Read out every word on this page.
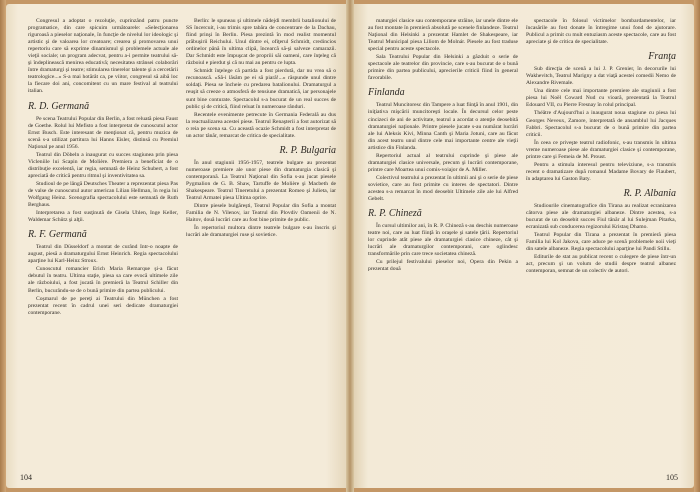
Congresul a adoptat o rezoluţie, cuprinzând patru puncte programatice, din care spicuim următoarele: «Selecţionarea riguroasă a pieselor naţionale, în funcţie de nivelul lor ideologic şi artistic şi de valoarea lor creatoare; crearea şi promovarea unui repertoriu care să exprime dinamismul şi problemele actuale ale vieţii sociale; un program adecvat, pentru a-i permite teatrului să-şi îndeplinească menirea educativă; necesitatea strânsei colaborări între dramaturgi şi teatre; stimularea tinerelor talente şi a cercetării teatrologice...» S-a mai hotărât ca, pe viitor, congresul să aibă loc la fiecare doi ani, concomitent cu un mare festival al teatrului italian.

R. D. Germană

Pe scena Teatrului Popular din Berlin, a fost reluată piesa Faust de Goethe. Rolul lui Mefisto a fost interpretat de cunoscutul actor Ernst Busch. Este interesant de menţionat că, pentru muzica de scenă s-a utilizat partitura lui Hanns Eisler, distinsă cu Premiul Naţional pe anul 1956.

Teatrul din Döbeln a inaugurat cu succes stagiunea prin piesa Vicleniile lui Scapin de Molière. Premiera a beneficiat de o distribuţie excelentă, iar regia, semnată de Heinz Schubert, a fost apreciată de critică pentru ritmul şi inventivitatea sa.

Studioul de pe lângă Deutsches Theater a reprezentat piesa Pas de valse de cunoscutul autor american Lilian Hellman, în regia lui Wolfgang Heinz. Scenografia spectacolului este semnată de Ruth Berghaus.

Interpretarea a fost susţinută de Gisela Uhlen, Inge Keller, Waldemar Schütz şi alţii.

R. F. Germană

Teatrul din Düsseldorf a montat de curând Intr-o noapte de august, piesă a dramaturgului Ernst Heinrich. Regia spectacolului aparţine lui Karl-Heinz Stroux.

Cunoscutul romancier Erich Maria Remarque şi-a făcut debutul în teatru. Ultima staţie, piesa sa care evocă ultimele zile ale războiului, a fost jucată în premieră la Teatrul Schiller din Berlin, bucurându-se de o bună primire din partea publicului.

Coşmarul de pe pereţi ai Teatrului din München a fost prezentat recent în cadrul unei seri dedicate dramaturgiei contemporane.

Berlin: le spuneau şi ultimele nădejdi membrii batalionului de SS încercuit, i-au trimis spre tabăra de concentrare de la Dachau, fiind prinşi în Berlin. Piesa prezintă în mod realist momentul prăbuşirii Reichului. Unul dintre ei, ofiţerul Schmidt, credincios ordinelor până în ultima clipă, încearcă să-şi salveze camarazii. Dar Schmidt este împuşcat de propriii săi oameni, care înţeleg că războiul e pierdut şi că nu mai au pentru ce lupta.

Schmidt înţelege că partida a fost pierdută, dar nu vrea să o recunoască. «Să-i lăsăm pe ei să piară!...» răspunde unul dintre soldaţi. Piesa se încheie cu predarea batalionului. Dramaturgul a reuşit să creeze o atmosferă de tensiune dramatică, iar personajele sunt bine conturate. Spectacolul s-a bucurat de un real succes de public şi de critică, fiind reluat în numeroase rânduri.

Recentele evenimente petrecute în Germania Federală au dus la reactualizarea acestei piese. Teatrul Renaşterii a fost autorizat să o reia pe scena sa. Cu această ocazie Schmidt a fost interpretat de un actor tânăr, remarcat de critica de specialitate.

R. P. Bulgaria

În anul stagiunii 1956-1957, teatrele bulgare au prezentat numeroase premiere ale unor piese din dramaturgia clasică şi contemporană. La Teatrul Naţional din Sofia s-au jucat piesele Pygmalion de G. B. Shaw, Tartuffe de Molière şi Macbeth de Shakespeare. Teatrul Tineretului a prezentat Romeo şi Julieta, iar Teatrul Armatei piesa Ultima oprire.

Dintre piesele bulgăreşti, Teatrul Popular din Sofia a montat Familia de N. Vilenov, iar Teatrul din Plovdiv Oamenii de N. Haitov, două lucrări care au fost bine primite de public.

În repertoriul multora dintre teatrele bulgare s-au înscris şi lucrări ale dramaturgiei ruse şi sovietice.

104

maturgiei clasice sau contemporane străine, iar unele dintre ele au fost montate în premieră absolută pe scenele finlandeze. Teatrul Naţional din Helsinki a prezentat Hamlet de Shakespeare, iar Teatrul Municipal piesa Liliom de Molnár. Piesele au fost traduse special pentru aceste spectacole.

Sala Teatrului Popular din Helsinki a găzduit o serie de spectacole ale teatrelor din provincie, care s-au bucurat de o bună primire din partea publicului, aprecierile criticii fiind în general favorabile.

Finlanda

Teatrul Muncitoresc din Tampere a luat fiinţă în anul 1901, din iniţiativa mişcării muncitoreşti locale. În decursul celor peste cincizeci de ani de activitate, teatrul a acordat o atenţie deosebită dramaturgiei naţionale. Printre piesele jucate s-au numărat lucrări ale lui Aleksis Kivi, Minna Canth şi Maria Jotuni, care au făcut din acest teatru unul dintre cele mai importante centre ale vieţii artistice din Finlanda.

Repertoriul actual al teatrului cuprinde şi piese ale dramaturgiei clasice universale, precum şi lucrări contemporane, printre care Moartea unui comis-voiajor de A. Miller.

Colectivul teatrului a prezentat în ultimii ani şi o serie de piese sovietice, care au fost primite cu interes de spectatori. Dintre acestea s-a remarcat în mod deosebit Ultimele zile ale lui Alfred Gebelt.

R. P. Chineză

În cursul ultimilor ani, în R. P. Chineză s-au deschis numeroase teatre noi, care au luat fiinţă în oraşele şi satele ţării. Repertoriul lor cuprinde atât piese ale dramaturgiei clasice chineze, cât şi lucrări ale dramaturgilor contemporani, care oglindesc transformările prin care trece societatea chineză.

Cu prilejul festivalului pieselor noi, Opera din Pekin a prezentat două

spectacole în folosul victimelor bombardamentelor, iar încasările au fost donate în întregime unui fond de ajutorare. Publicul a primit cu mult entuziasm aceste spectacole, care au fost apreciate şi de critica de specialitate.

Franţa

Sub direcţia de scenă a lui J. P. Grenier, în decorurile lui Wakhevitch, Teatrul Marigny a dat viaţă acestei comedii Nemo de Alexandre Rivemale.

Una dintre cele mai importante premiere ale stagiunii a fost piesa lui Noël Coward Nud cu vioară, prezentată la Teatrul Edouard VII, cu Pierre Fresnay în rolul principal.

Théâtre d'Aujourd'hui a inaugurat noua stagiune cu piesa lui Georges Neveux, Zamore, interpretată de ansamblul lui Jacques Fabbri. Spectacolul s-a bucurat de o bună primire din partea criticii.

În ceea ce priveşte teatrul radiofonic, s-au transmis în ultima vreme numeroase piese ale dramaturgiei clasice şi contemporane, printre care şi Femeia de M. Proust.

Pentru a stimula interesul pentru televiziune, s-a transmis recent o dramatizare după romanul Madame Bovary de Flaubert, în adaptarea lui Gaston Baty.

R. P. Albania

Studiourile cinematografice din Tirana au realizat ecranizarea câtorva piese ale dramaturgiei albaneze. Dintre acestea, s-a bucurat de un deosebit succes Fiul tânăr al lui Sulejman Pitarka, ecranizată sub conducerea regizorului Kristaq Dhamo.

Teatrul Popular din Tirana a prezentat în premieră piesa Familia lui Kol Jakova, care aduce pe scenă problemele noii vieţi din satele albaneze. Regia spectacolului aparţine lui Pandi Stillu.

Editurile de stat au publicat recent o culegere de piese într-un act, precum şi un volum de studii despre teatrul albanez contemporan, semnat de un colectiv de autori.

105
